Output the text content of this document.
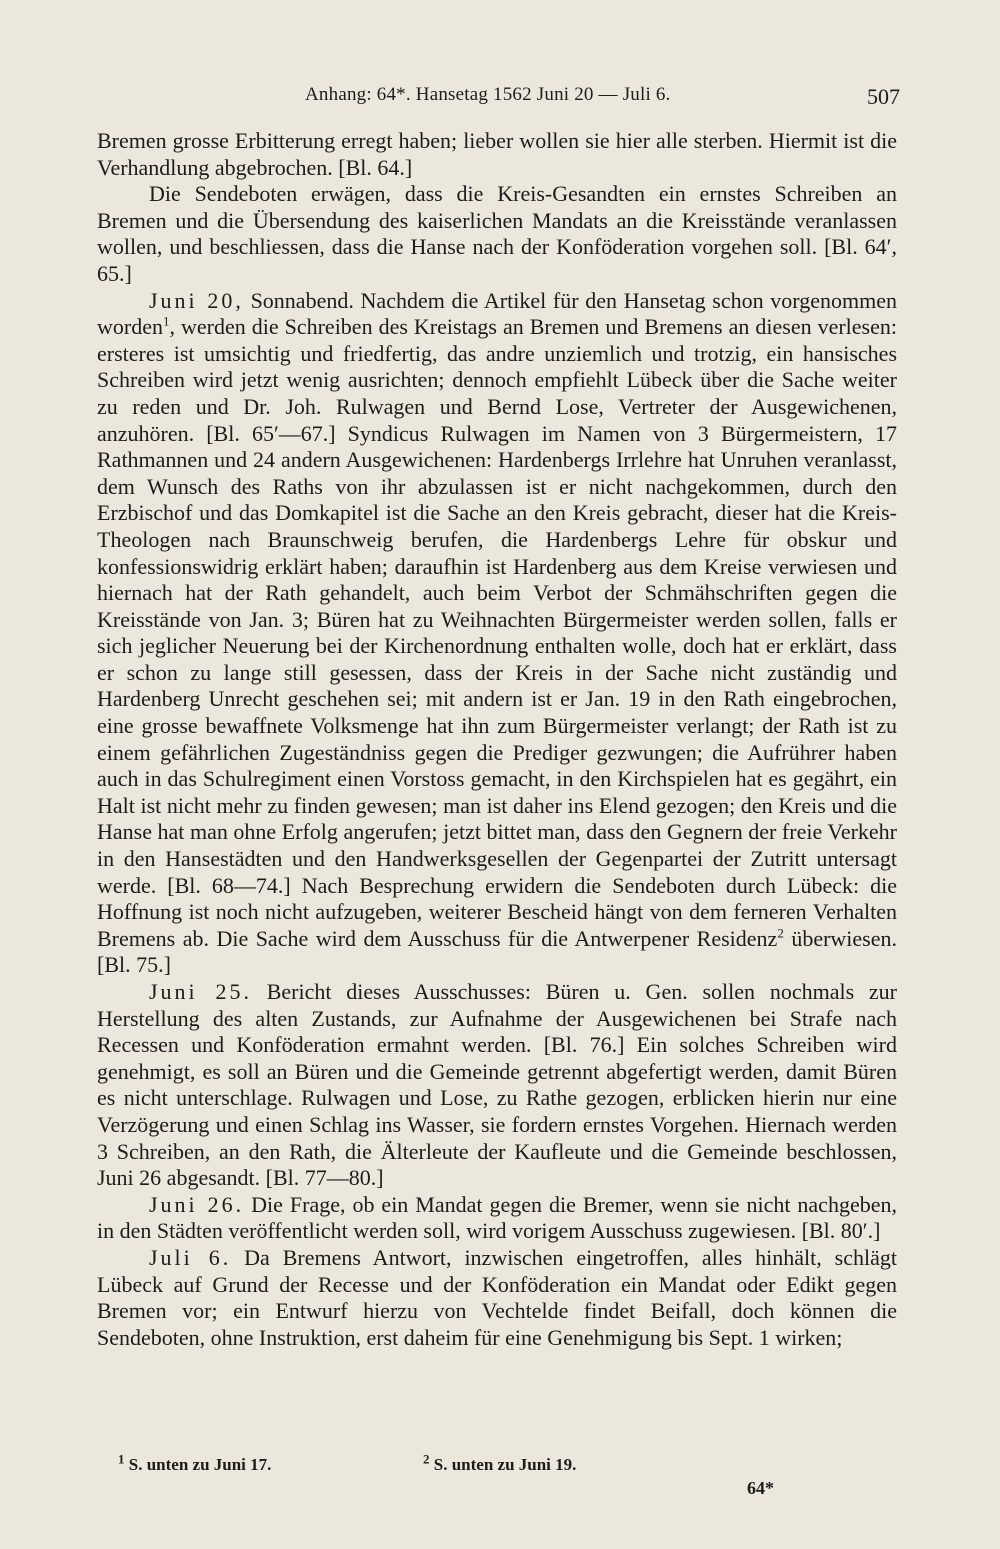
Anhang: 64*. Hansetag 1562 Juni 20 — Juli 6.	507

Bremen grosse Erbitterung erregt haben; lieber wollen sie hier alle sterben. Hiermit ist die Verhandlung abgebrochen. [Bl. 64.]

Die Sendeboten erwägen, dass die Kreis-Gesandten ein ernstes Schreiben an Bremen und die Übersendung des kaiserlichen Mandats an die Kreisstände veranlassen wollen, und beschliessen, dass die Hanse nach der Konföderation vorgehen soll. [Bl. 64′, 65.]

Juni 20, Sonnabend. Nachdem die Artikel für den Hansetag schon vorgenommen worden$^1$, werden die Schreiben des Kreistags an Bremen und Bremens an diesen verlesen: ersteres ist umsichtig und friedfertig, das andre unziemlich und trotzig, ein hansisches Schreiben wird jetzt wenig ausrichten; dennoch empfiehlt Lübeck über die Sache weiter zu reden und Dr. Joh. Rulwagen und Bernd Lose, Vertreter der Ausgewichenen, anzuhören. [Bl. 65′—67.] Syndicus Rulwagen im Namen von 3 Bürgermeistern, 17 Rathmannen und 24 andern Ausgewichenen: Hardenbergs Irrlehre hat Unruhen veranlasst, dem Wunsch des Raths von ihr abzulassen ist er nicht nachgekommen, durch den Erzbischof und das Domkapitel ist die Sache an den Kreis gebracht, dieser hat die Kreis-Theologen nach Braunschweig berufen, die Hardenbergs Lehre für obskur und konfessionswidrig erklärt haben; daraufhin ist Hardenberg aus dem Kreise verwiesen und hiernach hat der Rath gehandelt, auch beim Verbot der Schmähschriften gegen die Kreisstände von Jan. 3; Büren hat zu Weihnachten Bürgermeister werden sollen, falls er sich jeglicher Neuerung bei der Kirchenordnung enthalten wolle, doch hat er erklärt, dass er schon zu lange still gesessen, dass der Kreis in der Sache nicht zuständig und Hardenberg Unrecht geschehen sei; mit andern ist er Jan. 19 in den Rath eingebrochen, eine grosse bewaffnete Volksmenge hat ihn zum Bürgermeister verlangt; der Rath ist zu einem gefährlichen Zugeständniss gegen die Prediger gezwungen; die Aufrührer haben auch in das Schulregiment einen Vorstoss gemacht, in den Kirchspielen hat es gegährt, ein Halt ist nicht mehr zu finden gewesen; man ist daher ins Elend gezogen; den Kreis und die Hanse hat man ohne Erfolg angerufen; jetzt bittet man, dass den Gegnern der freie Verkehr in den Hansestädten und den Handwerksgesellen der Gegenpartei der Zutritt untersagt werde. [Bl. 68—74.] Nach Besprechung erwidern die Sendeboten durch Lübeck: die Hoffnung ist noch nicht aufzugeben, weiterer Bescheid hängt von dem ferneren Verhalten Bremens ab. Die Sache wird dem Ausschuss für die Antwerpener Residenz$^2$ überwiesen. [Bl. 75.]

Juni 25. Bericht dieses Ausschusses: Büren u. Gen. sollen nochmals zur Herstellung des alten Zustands, zur Aufnahme der Ausgewichenen bei Strafe nach Recessen und Konföderation ermahnt werden. [Bl. 76.] Ein solches Schreiben wird genehmigt, es soll an Büren und die Gemeinde getrennt abgefertigt werden, damit Büren es nicht unterschlage. Rulwagen und Lose, zu Rathe gezogen, erblicken hierin nur eine Verzögerung und einen Schlag ins Wasser, sie fordern ernstes Vorgehen. Hiernach werden 3 Schreiben, an den Rath, die Älterleute der Kaufleute und die Gemeinde beschlossen, Juni 26 abgesandt. [Bl. 77—80.]

Juni 26. Die Frage, ob ein Mandat gegen die Bremer, wenn sie nicht nachgeben, in den Städten veröffentlicht werden soll, wird vorigem Ausschuss zugewiesen. [Bl. 80′.]

Juli 6. Da Bremens Antwort, inzwischen eingetroffen, alles hinhält, schlägt Lübeck auf Grund der Recesse und der Konföderation ein Mandat oder Edikt gegen Bremen vor; ein Entwurf hierzu von Vechtelde findet Beifall, doch können die Sendeboten, ohne Instruktion, erst daheim für eine Genehmigung bis Sept. 1 wirken;

$^1$ S. unten zu Juni 17.	$^2$ S. unten zu Juni 19.
64*
